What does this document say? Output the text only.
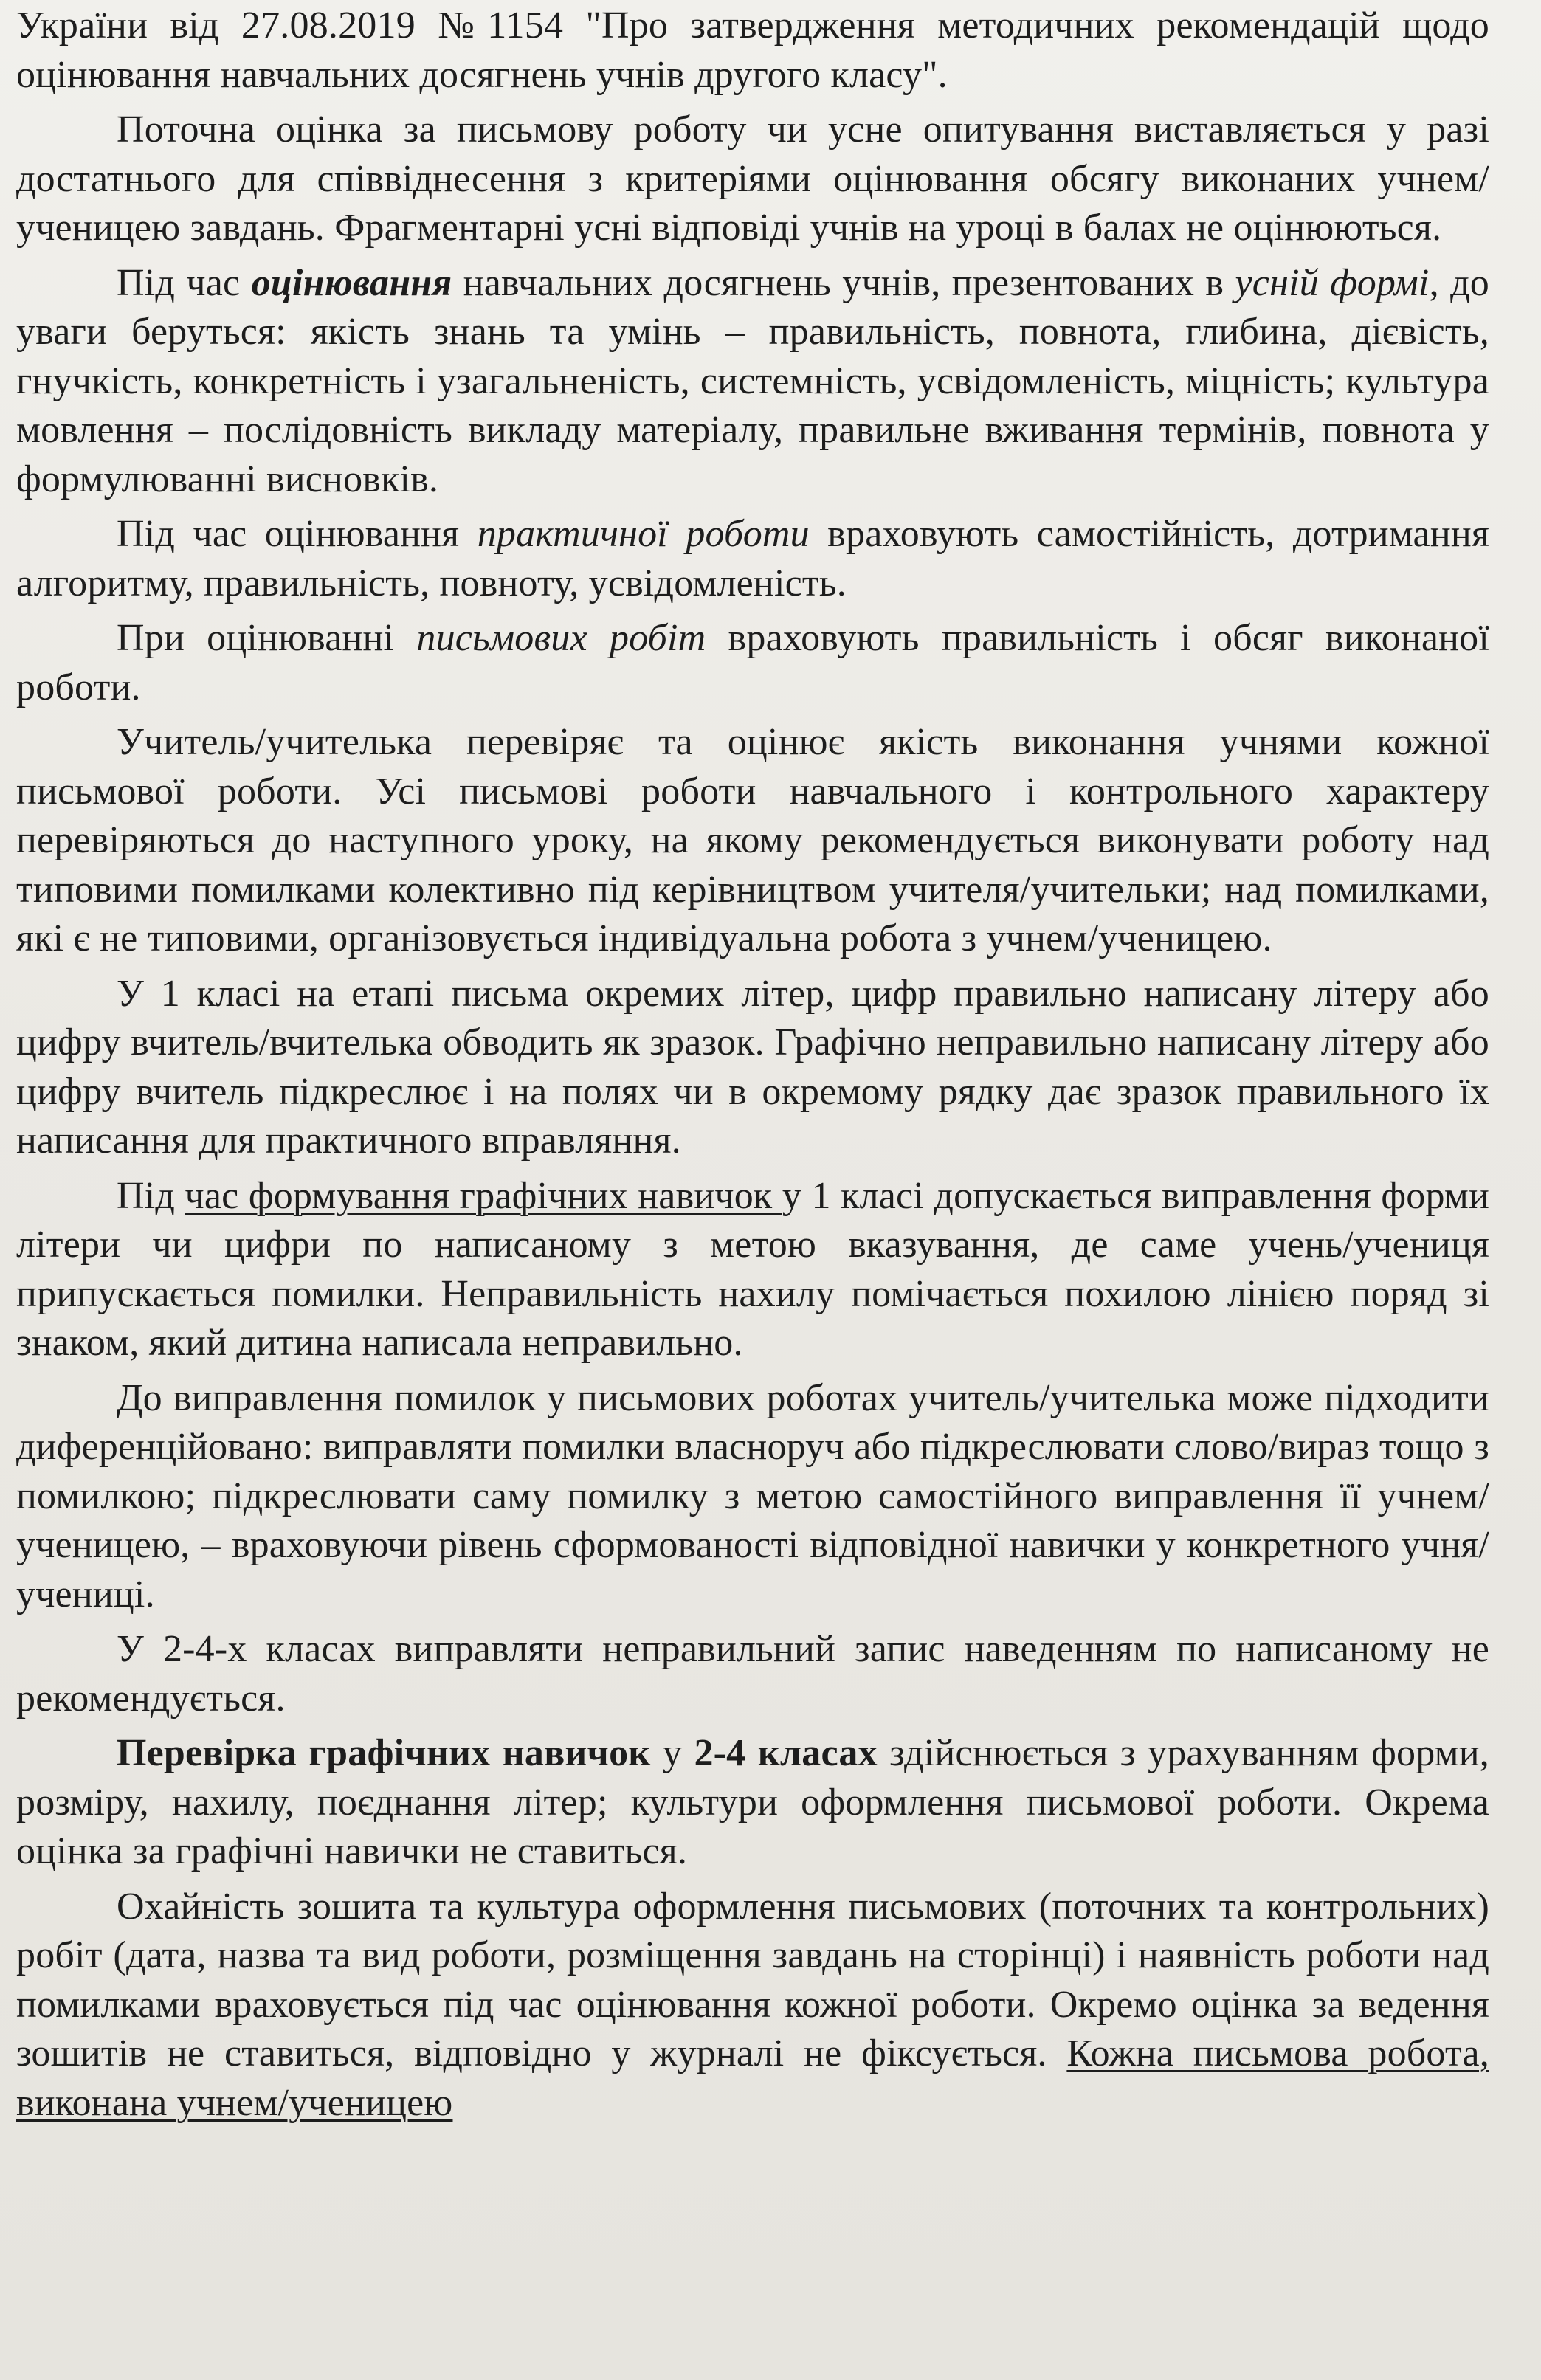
України від 27.08.2019 №1154 "Про затвердження методичних рекомендацій щодо оцінювання навчальних досягнень учнів другого класу".

Поточна оцінка за письмову роботу чи усне опитування виставляється у разі достатнього для співвіднесення з критеріями оцінювання обсягу виконаних учнем/ученицею завдань. Фрагментарні усні відповіді учнів на уроці в балах не оцінюються.

Під час оцінювання навчальних досягнень учнів, презентованих в усній формі, до уваги беруться: якість знань та умінь – правильність, повнота, глибина, дієвість, гнучкість, конкретність і узагальненість, системність, усвідомленість, міцність; культура мовлення – послідовність викладу матеріалу, правильне вживання термінів, повнота у формулюванні висновків.

Під час оцінювання практичної роботи враховують самостійність, дотримання алгоритму, правильність, повноту, усвідомленість.

При оцінюванні письмових робіт враховують правильність і обсяг виконаної роботи.

Учитель/учителька перевіряє та оцінює якість виконання учнями кожної письмової роботи. Усі письмові роботи навчального і контрольного характеру перевіряються до наступного уроку, на якому рекомендується виконувати роботу над типовими помилками колективно під керівництвом учителя/учительки; над помилками, які є не типовими, організовується індивідуальна робота з учнем/ученицею.

У 1 класі на етапі письма окремих літер, цифр правильно написану літеру або цифру вчитель/вчителька обводить як зразок. Графічно неправильно написану літеру або цифру вчитель підкреслює і на полях чи в окремому рядку дає зразок правильного їх написання для практичного вправляння.

Під час формування графічних навичок у 1 класі допускається виправлення форми літери чи цифри по написаному з метою вказування, де саме учень/учениця припускається помилки. Неправильність нахилу помічається похилою лінією поряд зі знаком, який дитина написала неправильно.

До виправлення помилок у письмових роботах учитель/учителька може підходити диференційовано: виправляти помилки власноруч або підкреслювати слово/вираз тощо з помилкою; підкреслювати саму помилку з метою самостійного виправлення її учнем/ученицею, – враховуючи рівень сформованості відповідної навички у конкретного учня/учениці.

У 2-4-х класах виправляти неправильний запис наведенням по написаному не рекомендується.

Перевірка графічних навичок у 2-4 класах здійснюється з урахуванням форми, розміру, нахилу, поєднання літер; культури оформлення письмової роботи. Окрема оцінка за графічні навички не ставиться.

Охайність зошита та культура оформлення письмових (поточних та контрольних) робіт (дата, назва та вид роботи, розміщення завдань на сторінці) і наявність роботи над помилками враховується під час оцінювання кожної роботи. Окремо оцінка за ведення зошитів не ставиться, відповідно у журналі не фіксується. Кожна письмова робота, виконана учнем/ученицею
